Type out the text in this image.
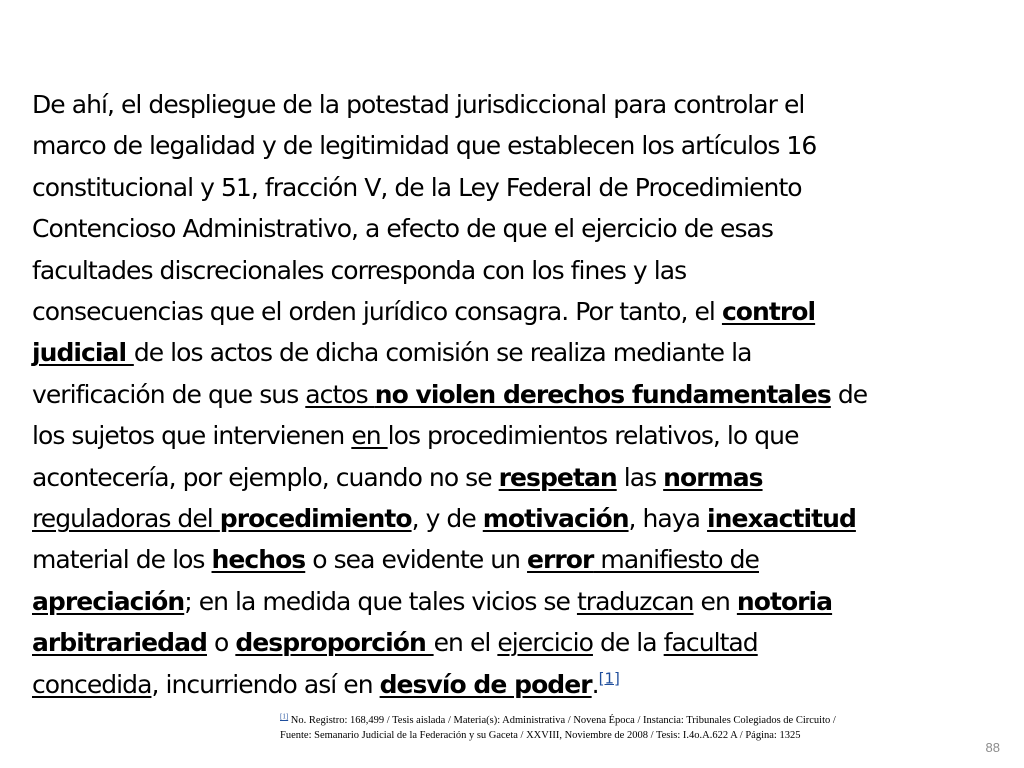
De ahí, el despliegue de la potestad jurisdiccional para controlar el
marco de legalidad y de legitimidad que establecen los artículos 16
constitucional y 51, fracción V, de la Ley Federal de Procedimiento
Contencioso Administrativo, a efecto de que el ejercicio de esas
facultades discrecionales corresponda con los fines y las
consecuencias que el orden jurídico consagra. Por tanto, el control
judicial de los actos de dicha comisión se realiza mediante la
verificación de que sus actos no violen derechos fundamentales de
los sujetos que intervienen en los procedimientos relativos, lo que
acontecería, por ejemplo, cuando no se respetan las normas
reguladoras del procedimiento, y de motivación, haya inexactitud
material de los hechos o sea evidente un error manifiesto de
apreciación; en la medida que tales vicios se traduzcan en notoria
arbitrariedad o desproporción en el ejercicio de la facultad
concedida, incurriendo así en desvío de poder.[1]

[1] No. Registro: 168,499 / Tesis aislada / Materia(s): Administrativa / Novena Época / Instancia: Tribunales Colegiados de Circuito /
Fuente: Semanario Judicial de la Federación y su Gaceta / XXVIII, Noviembre de 2008 / Tesis: I.4o.A.622 A / Página: 1325
88
